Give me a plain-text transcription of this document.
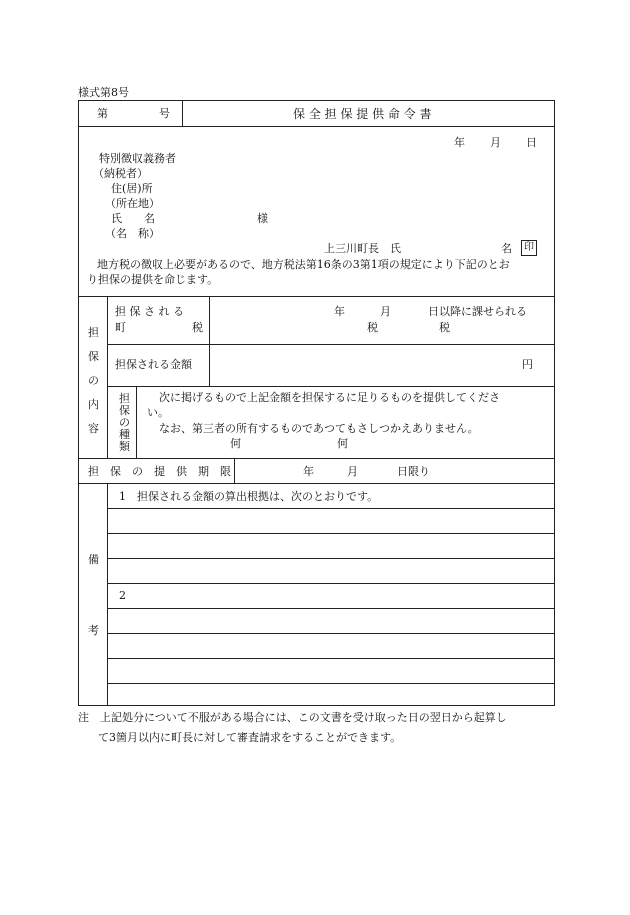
様式第8号
第	号	保 全 担 保 提 供 命 令 書
年 月 日
特別徴収義務者
（納税者）
住(居)所
（所在地）
氏　　名	様
（名　称）
上三川町長　氏	名	印
地方税の徴収上必要があるので、地方税法第16条の3第1項の規定により下記のとお
り担保の提供を命じます。
担
保
の
内
容
担 保 さ れ る
町	税
年	月	日以降に課せられる
税	税
担保される金額	円
担
保
の
種
類
次に掲げるもので上記金額を担保するに足りるものを提供してくださ
い。
なお、第三者の所有するものであつてもさしつかえありません。
何	何
担　保　の　提　供　期　限	年	月	日限り
備
考
1　担保される金額の算出根拠は、次のとおりです。
2
注　上記処分について不服がある場合には、この文書を受け取った日の翌日から起算し
て3箇月以内に町長に対して審査請求をすることができます。
